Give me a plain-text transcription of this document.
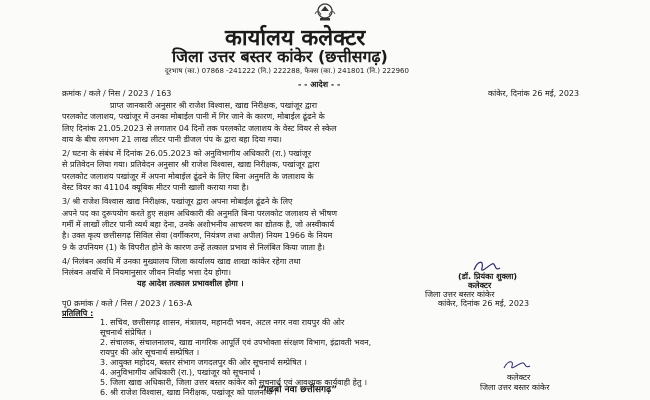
कार्यालय कलेक्टर
जिला उत्तर बस्तर कांकेर (छत्तीसगढ़)
दूरभाष (का.) 07868 -241222 (नि.) 222288, फैक्स (का.) 241801 (नि.) 222960
- - आदेश - -
क्रमांक / कले / निस / 2023 / 163	कांकेर, दिनांक 26 मई, 2023

प्राप्त जानकारी अनुसार श्री राजेश विश्वास, खाद्य निरीक्षक, पखांजूर द्वारा

परलकोट जलाशय, पखांजूर में उनका मोबाईल पानी में गिर जाने के कारण, मोबाईल ढूंढने के

लिए दिनांक 21.05.2023 से लगातार 04 दिनों तक परलकोट जलाशय के वेस्ट वियर से स्केल

वाय के बीच लगभग 21 लाख लीटर पानी डीजल पंप के द्वारा बहा दिया गया।

2/ घटना के संबंध में दिनांक 26.05.2023 को अनुविभागीय अधिकारी (रा.) पखांजूर

से प्रतिवेदन लिया गया। प्रतिवेदन अनुसार श्री राजेश विश्वास, खाद्य निरीक्षक, पखांजूर द्वारा

परलकोट जलाशय पखांजूर में अपना मोबाईल ढूंढने के लिए बिना अनुमति के जलाशय के

वेस्ट वियर का 41104 क्यूबिक मीटर पानी खाली कराया गया है।

3/ श्री राजेश विश्वास खाद्य निरीक्षक, पखांजूर द्वारा अपना मोबाईल ढूंढने के लिए

अपने पद का दुरूपयोग करते हुए सक्षम अधिकारी की अनुमति बिना परलकोट जलाशय से भीषण

गर्मी में लाखों लीटर पानी व्यर्थ बहा देना, उनके अशोभनीय आचरण का द्योतक है, जो अस्वीकार्य

है। उक्त कृत्य छत्तीसगढ़ सिविल सेवा (वर्गीकरण, नियंत्रण तथा अपील) नियम 1966 के नियम

9 के उपनियम (1) के विपरीत होने के कारण उन्हें तत्काल प्रभाव से निलंबित किया जाता है।

4/ निलंबन अवधि में उनका मुख्यालय जिला कार्यालय खाद्य शाखा कांकेर रहेगा तथा

निलंबन अवधि में नियमानुसार जीवन निर्वाह भत्ता देय होगा।

यह आदेश तत्काल प्रभावशील होगा ।

(डॉ. प्रियंका शुक्ला)
कलेक्टर
जिला उत्तर बस्तर कांकेर
कांकेर, दिनांक 26 मई, 2023
पृ0 क्रमांक / कले / निस / 2023 / 163-A
प्रतिलिपि :
1. सचिव, छत्तीसगढ़ शासन, मंत्रालय, महानदी भवन, अटल नगर नवा रायपुर की ओर
सूचनार्थ संप्रेषित ।
2. संचालक, संचालनालय, खाद्य नागरिक आपूर्ति एवं उपभोक्ता संरक्षण विभाग, इंद्रावती भवन,
रायपुर की ओर सूचनार्थ सम्प्रेषित ।
3. आयुक्त महोदय, बस्तर संभाग जगदलपुर की ओर सूचनार्थ सम्प्रेषित ।
4. अनुविभागीय अधिकारी (रा.), पखांजूर को सूचनार्थ ।
5. जिला खाद्य अधिकारी, जिला उत्तर बस्तर कांकेर को सूचनार्थ एवं आवश्यक कार्यवाही हेतु ।
6. श्री राजेश विश्वास, खाद्य निरीक्षक, पखांजूर को पालनार्थ ।
कलेक्टर
“गढ़बो नवा छत्तीसगढ़”	जिला उत्तर बस्तर कांकेर
